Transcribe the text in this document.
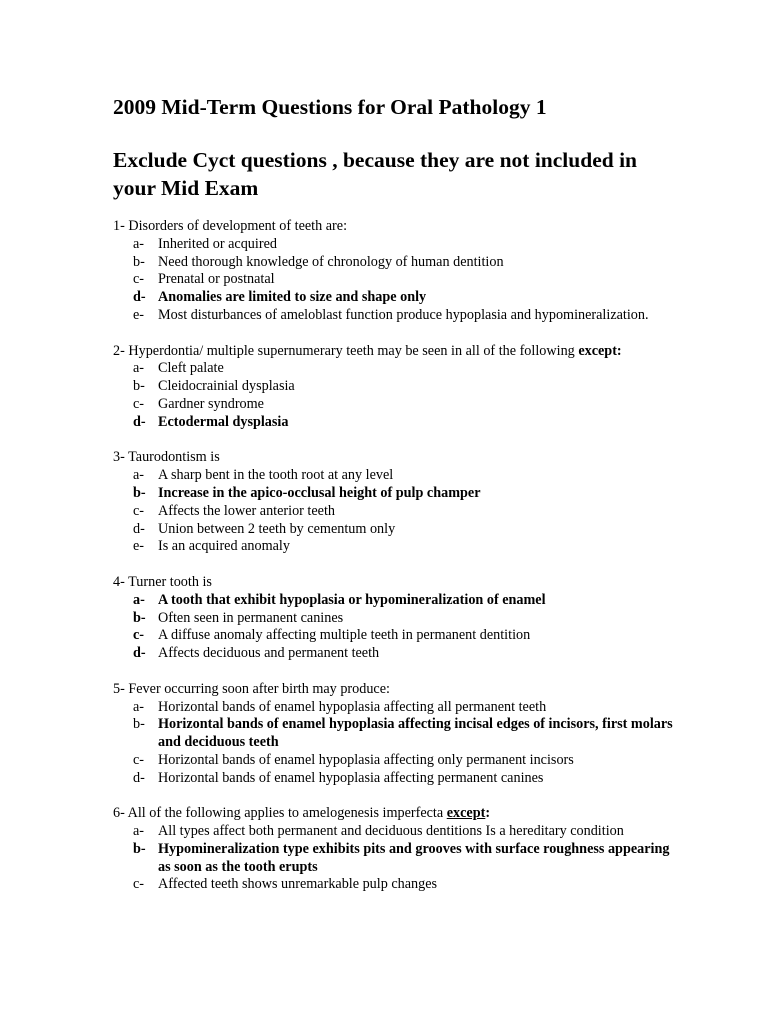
2009 Mid-Term Questions for Oral Pathology 1
Exclude Cyct questions , because they are not included in your Mid Exam
1- Disorders of development of teeth are:
a- Inherited or acquired
b- Need thorough knowledge of chronology of human dentition
c- Prenatal or postnatal
d- Anomalies are limited to size and shape only
e- Most disturbances of ameloblast function produce hypoplasia and hypomineralization.
2- Hyperdontia/ multiple supernumerary teeth may be seen in all of the following except:
a- Cleft palate
b- Cleidocrainial dysplasia
c- Gardner syndrome
d- Ectodermal dysplasia
3- Taurodontism is
a- A sharp bent in the tooth root at any level
b- Increase in the apico-occlusal height of pulp champer
c- Affects the lower anterior teeth
d- Union between 2 teeth by cementum only
e- Is an acquired anomaly
4- Turner tooth is
a- A tooth that exhibit hypoplasia or hypomineralization of enamel
b- Often seen in permanent canines
c- A diffuse anomaly affecting multiple teeth in permanent dentition
d- Affects deciduous and permanent teeth
5- Fever occurring soon after birth may produce:
a- Horizontal bands of enamel hypoplasia affecting all permanent teeth
b- Horizontal bands of enamel hypoplasia affecting incisal edges of incisors, first molars and deciduous teeth
c- Horizontal bands of enamel hypoplasia affecting only permanent incisors
d- Horizontal bands of enamel hypoplasia affecting permanent canines
6- All of the following applies to amelogenesis imperfecta except:
a- All types affect both permanent and deciduous dentitions Is a hereditary condition
b- Hypomineralization type exhibits pits and grooves with surface roughness appearing as soon as the tooth erupts
c- Affected teeth shows unremarkable pulp changes
